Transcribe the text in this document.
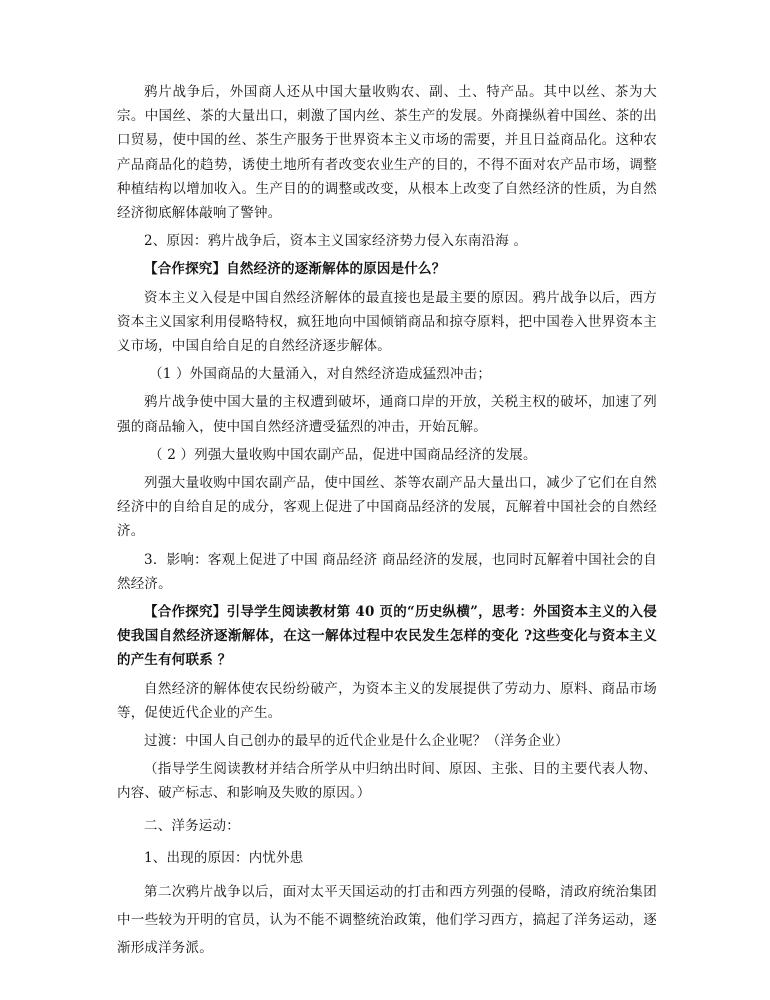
鸦片战争后，外国商人还从中国大量收购农、副、土、特产品。其中以丝、茶为大宗。中国丝、茶的大量出口，刺激了国内丝、茶生产的发展。外商操纵着中国丝、茶的出口贸易，使中国的丝、茶生产服务于世界资本主义市场的需要，并且日益商品化。这种农产品商品化的趋势，诱使土地所有者改变农业生产的目的，不得不面对农产品市场，调整种植结构以增加收入。生产目的的调整或改变，从根本上改变了自然经济的性质，为自然经济彻底解体敲响了警钟。

2、原因：鸦片战争后，资本主义国家经济势力侵入东南沿海 。

【合作探究】自然经济的逐渐解体的原因是什么？

资本主义入侵是中国自然经济解体的最直接也是最主要的原因。鸦片战争以后，西方资本主义国家利用侵略特权，疯狂地向中国倾销商品和掠夺原料，把中国卷入世界资本主义市场，中国自给自足的自然经济逐步解体。

（1 ）外国商品的大量涌入，对自然经济造成猛烈冲击；

鸦片战争使中国大量的主权遭到破坏，通商口岸的开放，关税主权的破坏，加速了列强的商品输入，使中国自然经济遭受猛烈的冲击，开始瓦解。

（ 2 ）列强大量收购中国农副产品，促进中国商品经济的发展。

列强大量收购中国农副产品，使中国丝、茶等农副产品大量出口，减少了它们在自然经济中的自给自足的成分，客观上促进了中国商品经济的发展，瓦解着中国社会的自然经济。

3．影响：客观上促进了中国 商品经济 商品经济的发展，也同时瓦解着中国社会的自然经济。

【合作探究】引导学生阅读教材第 40 页的“历史纵横”，思考：外国资本主义的入侵使我国自然经济逐渐解体，在这一解体过程中农民发生怎样的变化 ?这些变化与资本主义的产生有何联系 ？

自然经济的解体使农民纷纷破产，为资本主义的发展提供了劳动力、原料、商品市场等，促使近代企业的产生。

过渡：中国人自己创办的最早的近代企业是什么企业呢？（洋务企业）

（指导学生阅读教材并结合所学从中归纳出时间、原因、主张、目的主要代表人物、内容、破产标志、和影响及失败的原因。）

二、洋务运动：

1、出现的原因：内忧外患

第二次鸦片战争以后，面对太平天国运动的打击和西方列强的侵略，清政府统治集团中一些较为开明的官员，认为不能不调整统治政策，他们学习西方，搞起了洋务运动，逐渐形成洋务派。
